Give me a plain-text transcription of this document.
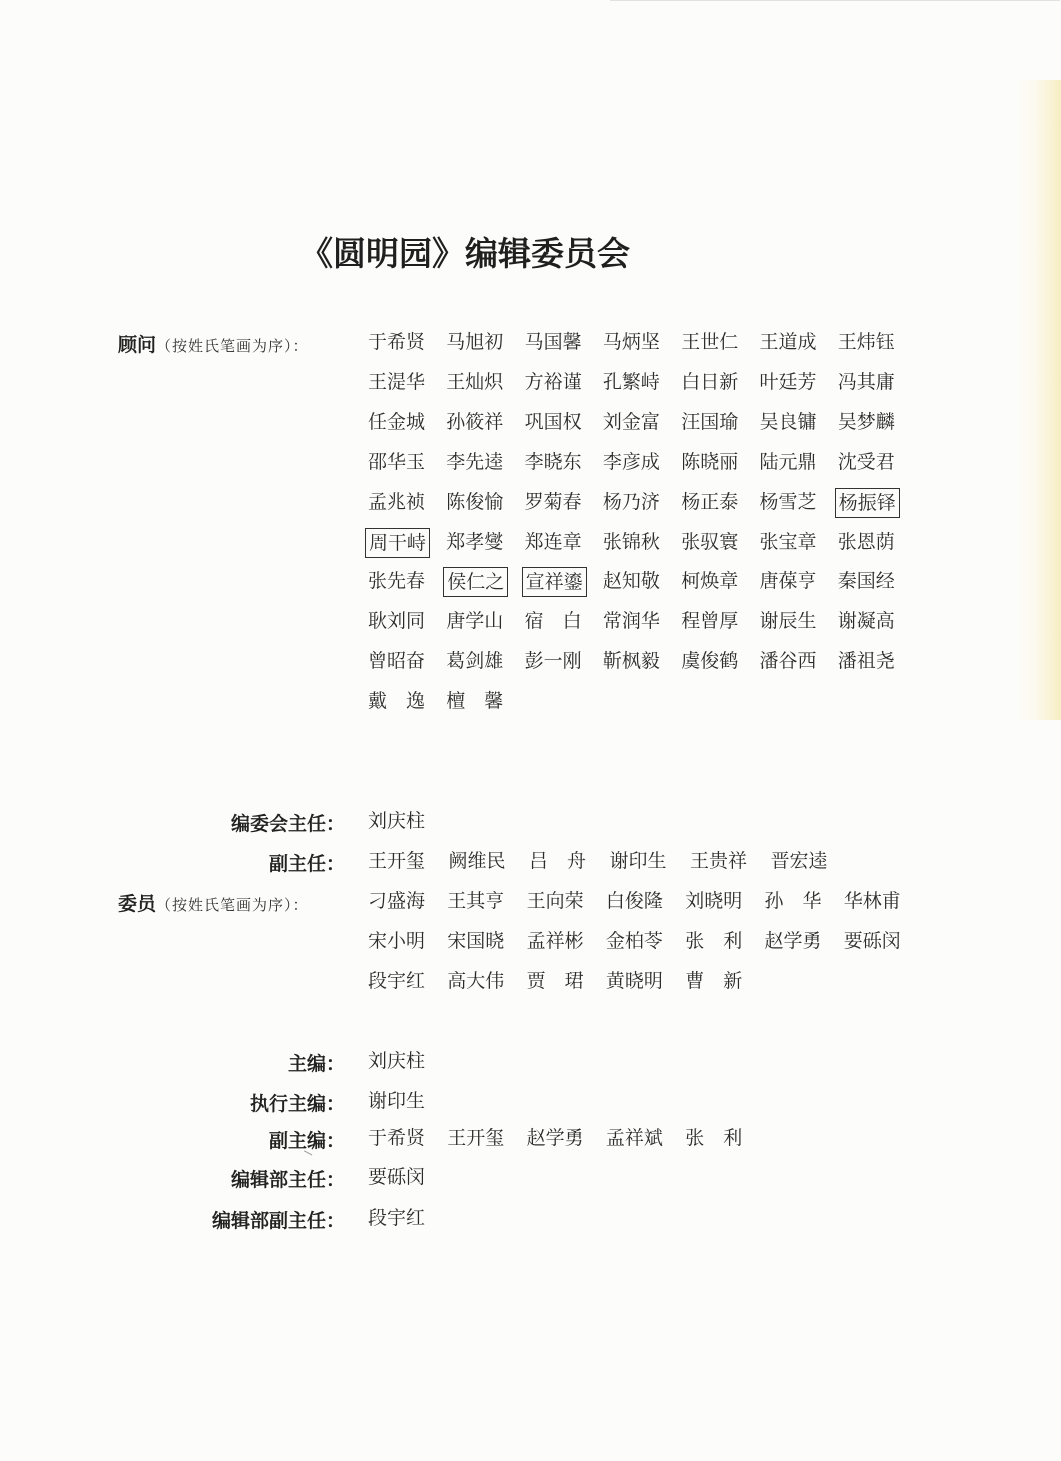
《圆明园》编辑委员会
顾问（按姓氏笔画为序）：	于希贤 马旭初 马国馨 马炳坚 王世仁 王道成 王炜钰
王湜华 王灿炽 方裕谨 孔繁峙 白日新 叶廷芳 冯其庸
任金城 孙筱祥 巩国权 刘金富 汪国瑜 吴良镛 吴梦麟
邵华玉 李先逵 李晓东 李彦成 陈晓丽 陆元鼎 沈受君
孟兆祯 陈俊愉 罗菊春 杨乃济 杨正泰 杨雪芝 杨振铎
周干峙 郑孝燮 郑连章 张锦秋 张驭寰 张宝章 张恩荫
张先春 侯仁之 宣祥鎏 赵知敬 柯焕章 唐葆亨 秦国经
耿刘同 唐学山 宿　白 常润华 程曾厚 谢辰生 谢凝高
曾昭奋 葛剑雄 彭一刚 靳枫毅 虞俊鹤 潘谷西 潘祖尧
戴　逸 檀　馨
编委会主任： 刘庆柱
副主任： 王开玺 阙维民 吕　舟 谢印生 王贵祥 晋宏逵
委员（按姓氏笔画为序）：	刁盛海 王其亨 王向荣 白俊隆 刘晓明 孙　华 华林甫
宋小明 宋国晓 孟祥彬 金柏苓 张　利 赵学勇 要砾闵
段宇红 高大伟 贾　珺 黄晓明 曹　新
主编： 刘庆柱
执行主编： 谢印生
副主编： 于希贤 王开玺 赵学勇 孟祥斌 张　利
编辑部主任： 要砾闵
编辑部副主任： 段宇红
